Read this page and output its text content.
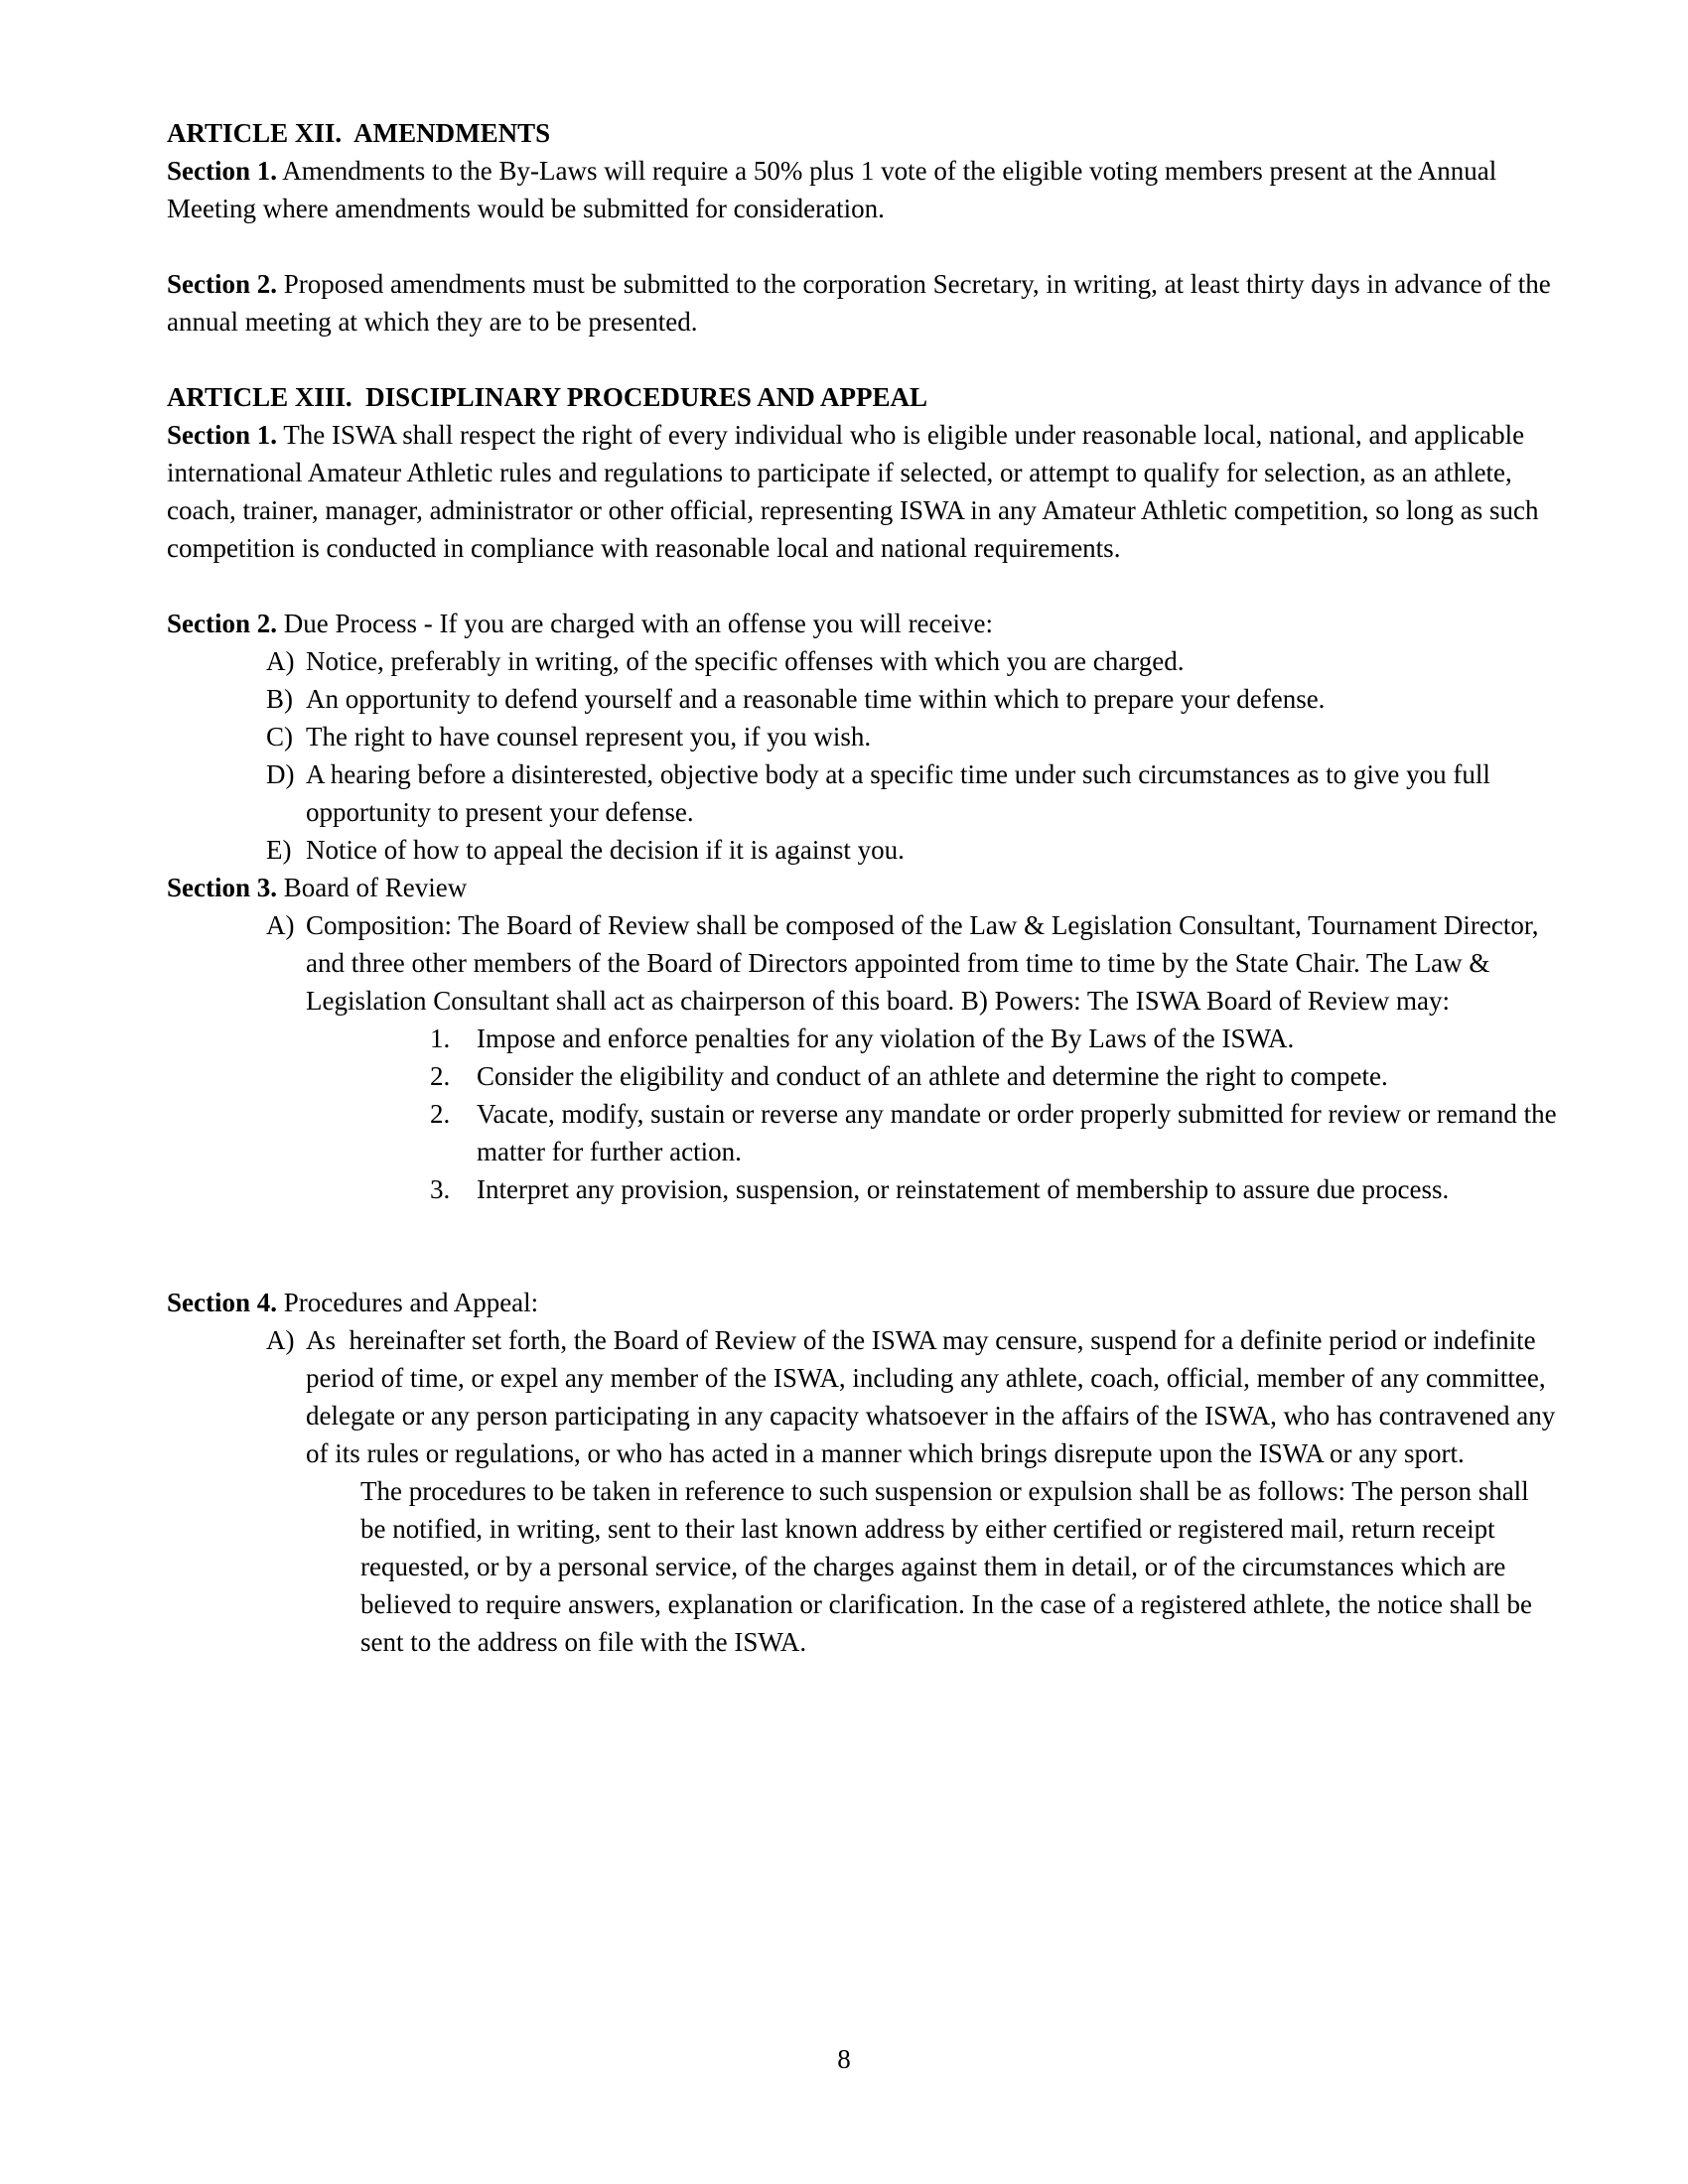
ARTICLE XII.  AMENDMENTS

Section 1. Amendments to the By-Laws will require a 50% plus 1 vote of the eligible voting members present at the Annual Meeting where amendments would be submitted for consideration.

Section 2. Proposed amendments must be submitted to the corporation Secretary, in writing, at least thirty days in advance of the annual meeting at which they are to be presented.

ARTICLE XIII.  DISCIPLINARY PROCEDURES AND APPEAL

Section 1. The ISWA shall respect the right of every individual who is eligible under reasonable local, national, and applicable international Amateur Athletic rules and regulations to participate if selected, or attempt to qualify for selection, as an athlete, coach, trainer, manager, administrator or other official, representing ISWA in any Amateur Athletic competition, so long as such competition is conducted in compliance with reasonable local and national requirements.

Section 2. Due Process - If you are charged with an offense you will receive:

A) Notice, preferably in writing, of the specific offenses with which you are charged.
B) An opportunity to defend yourself and a reasonable time within which to prepare your defense.
C) The right to have counsel represent you, if you wish.
D) A hearing before a disinterested, objective body at a specific time under such circumstances as to give you full opportunity to present your defense.
E) Notice of how to appeal the decision if it is against you.

Section 3. Board of Review

A) Composition: The Board of Review shall be composed of the Law & Legislation Consultant, Tournament Director, and three other members of the Board of Directors appointed from time to time by the State Chair. The Law & Legislation Consultant shall act as chairperson of this board. B) Powers: The ISWA Board of Review may:
1. Impose and enforce penalties for any violation of the By Laws of the ISWA.
2. Consider the eligibility and conduct of an athlete and determine the right to compete.
2. Vacate, modify, sustain or reverse any mandate or order properly submitted for review or remand the matter for further action.
3. Interpret any provision, suspension, or reinstatement of membership to assure due process.

Section 4. Procedures and Appeal:

A) As  hereinafter set forth, the Board of Review of the ISWA may censure, suspend for a definite period or indefinite period of time, or expel any member of the ISWA, including any athlete, coach, official, member of any committee, delegate or any person participating in any capacity whatsoever in the affairs of the ISWA, who has contravened any of its rules or regulations, or who has acted in a manner which brings disrepute upon the ISWA or any sport.

The procedures to be taken in reference to such suspension or expulsion shall be as follows: The person shall be notified, in writing, sent to their last known address by either certified or registered mail, return receipt requested, or by a personal service, of the charges against them in detail, or of the circumstances which are believed to require answers, explanation or clarification. In the case of a registered athlete, the notice shall be sent to the address on file with the ISWA.

8
